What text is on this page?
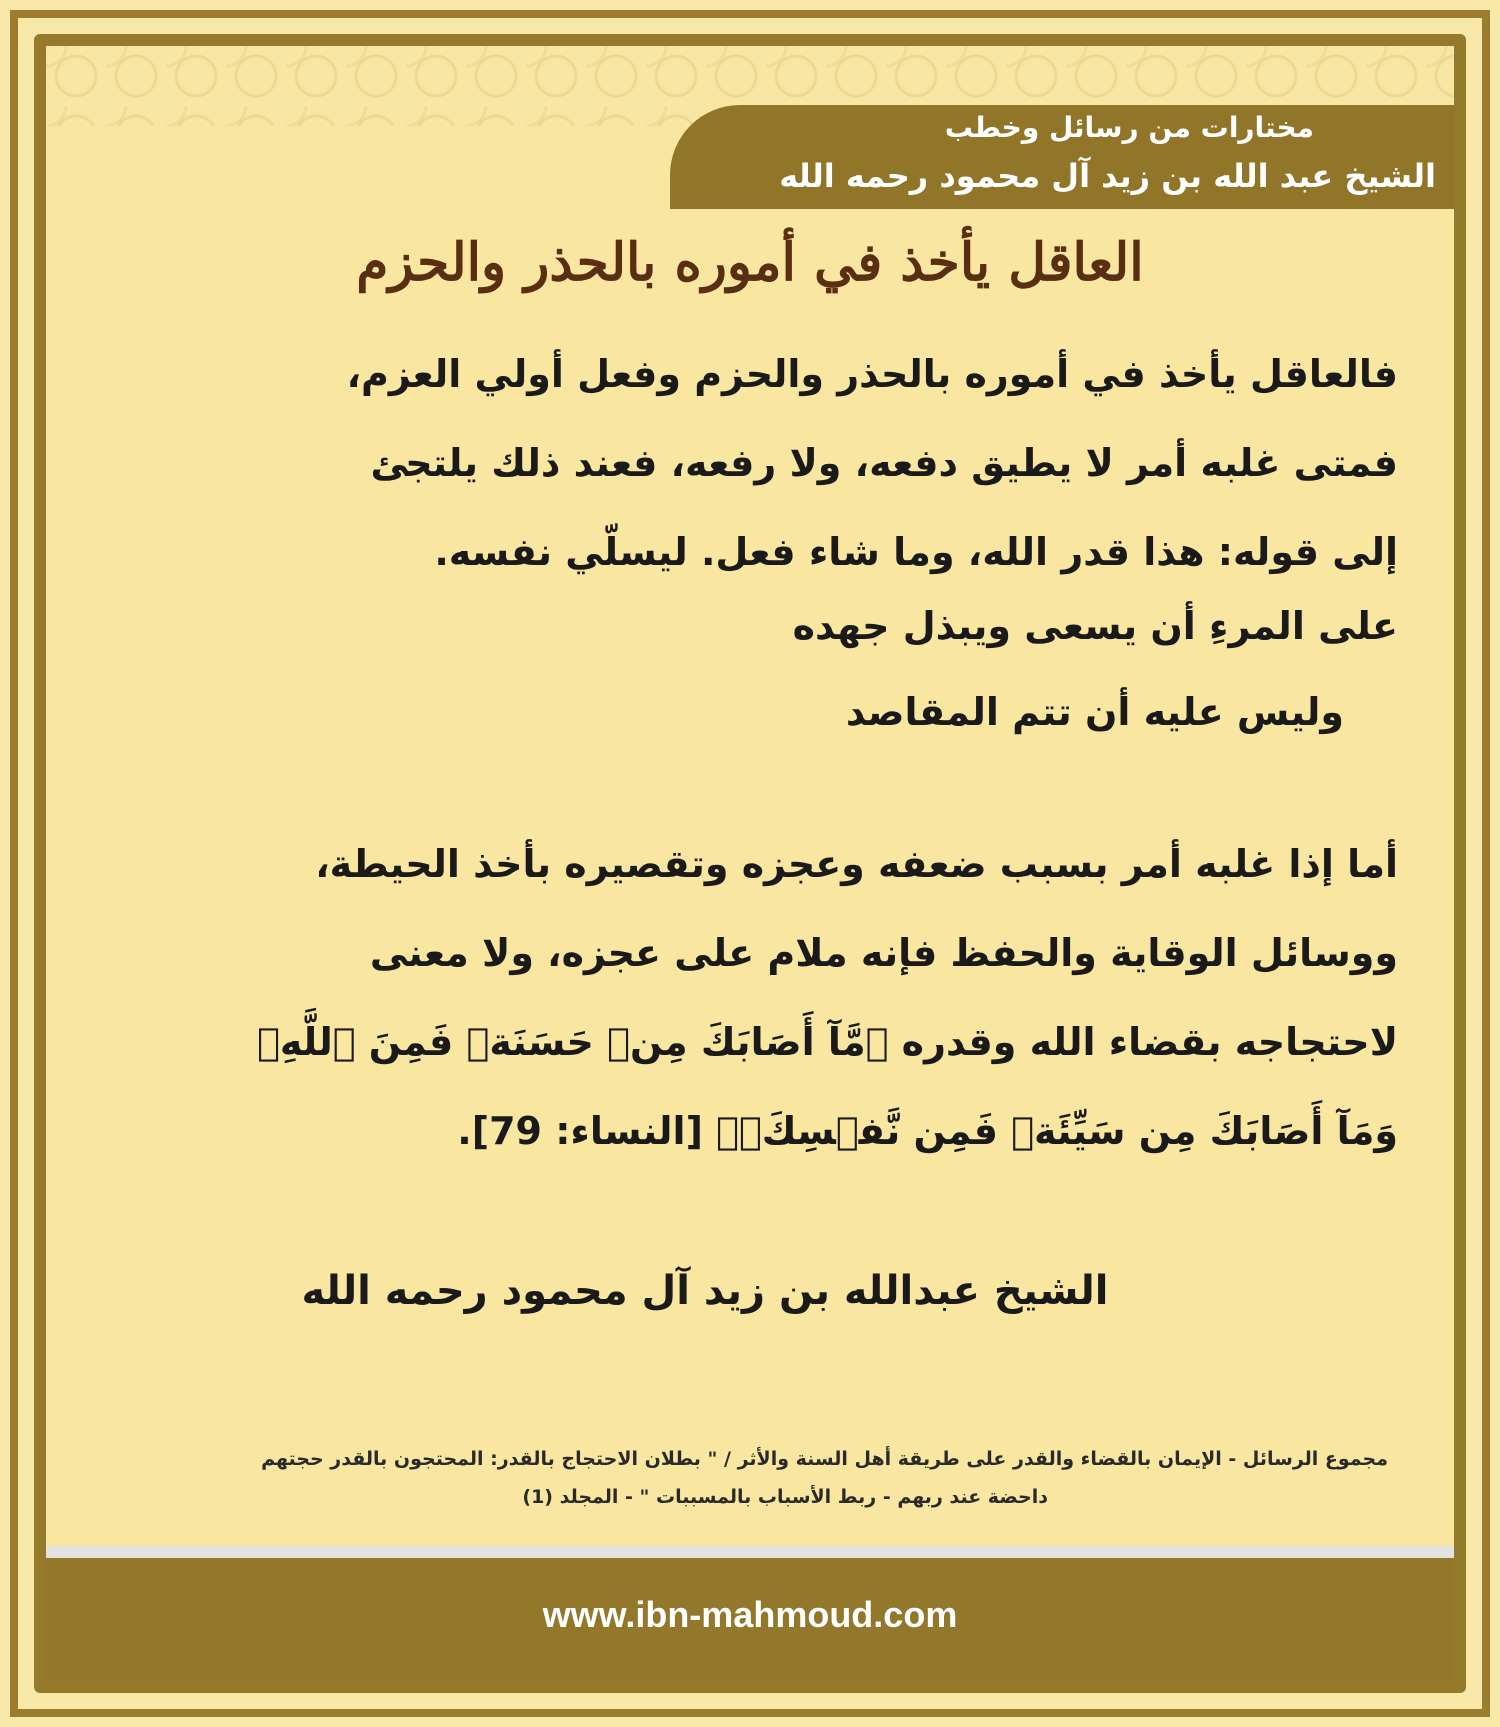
مختارات من رسائل وخطب
الشيخ عبد الله بن زيد آل محمود رحمه الله
العاقل يأخذ في أموره بالحذر والحزم

فالعاقل يأخذ في أموره بالحذر والحزم وفعل أولي العزم،
فمتى غلبه أمر لا يطيق دفعه، ولا رفعه، فعند ذلك يلتجئ
إلى قوله: هذا قدر الله، وما شاء فعل. ليسلّي نفسه.

على المرءِ أن يسعى ويبذل جهده

وليس عليه أن تتم المقاصد

أما إذا غلبه أمر بسبب ضعفه وعجزه وتقصيره بأخذ الحيطة،
ووسائل الوقاية والحفظ فإنه ملام على عجزه، ولا معنى
لاحتجاجه بقضاء الله وقدره ﴿مَّآ أَصَابَكَ مِنۡ حَسَنَةٖ فَمِنَ ٱللَّهِۖ
وَمَآ أَصَابَكَ مِن سَيِّئَةٖ فَمِن نَّفۡسِكَۚ﴾ [النساء: 79].

الشيخ عبدالله بن زيد آل محمود رحمه الله
مجموع الرسائل - الإيمان بالقضاء والقدر على طريقة أهل السنة والأثر / " بطلان الاحتجاج بالقدر: المحتجون بالقدر حجتهم
داحضة عند ربهم - ربط الأسباب بالمسببات " - المجلد (1)
www.ibn-mahmoud.com
